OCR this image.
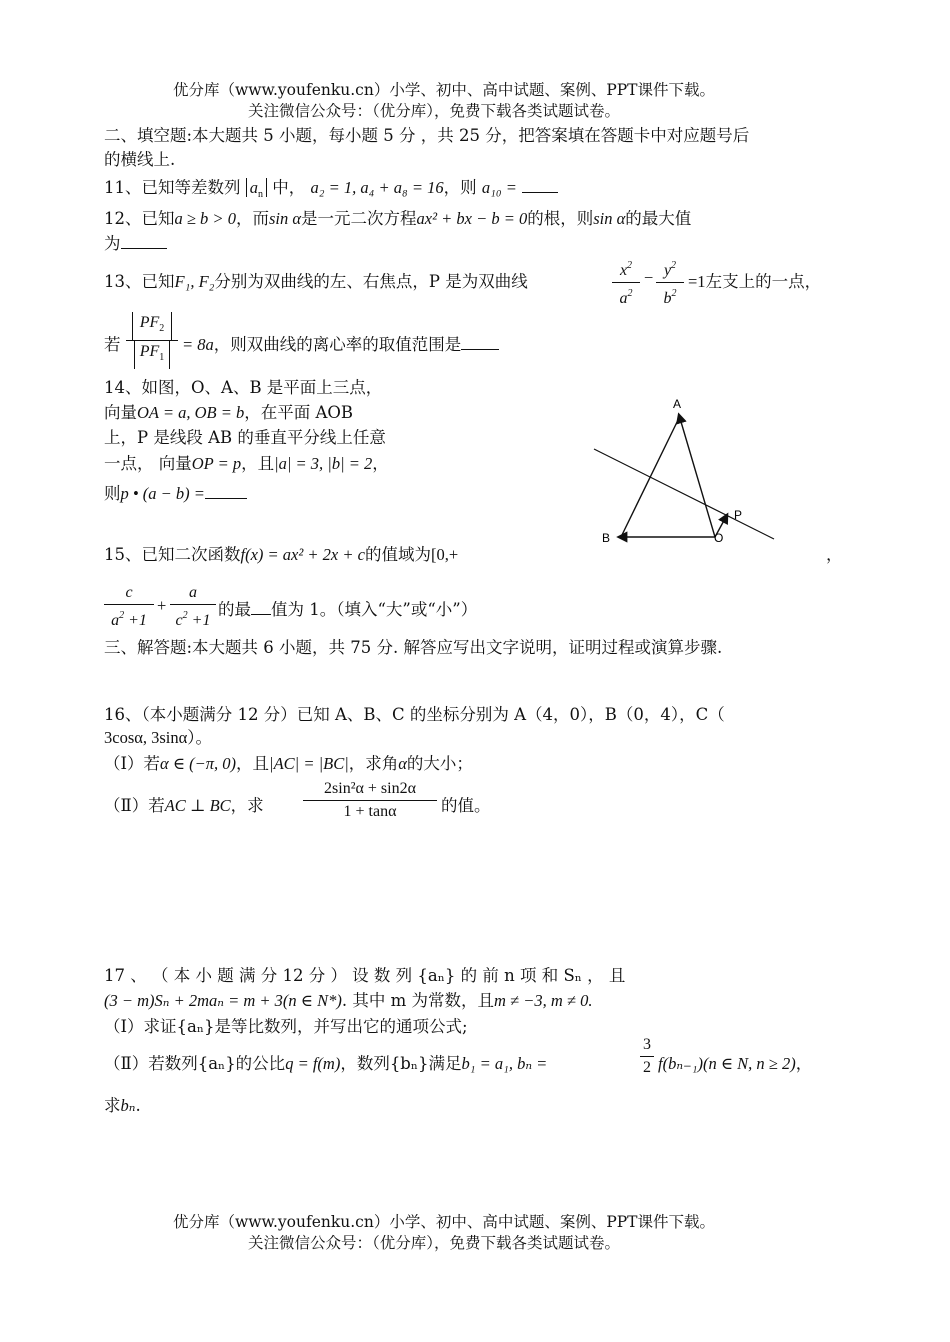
优分库（www.youfenku.cn）小学、初中、高中试题、案例、PPT课件下载。
关注微信公众号：（优分库），免费下载各类试题试卷。
二、填空题:本大题共 5 小题，每小题 5 分 ，共 25 分，把答案填在答题卡中对应题号后
的横线上.
11、已知等差数列 $a_n$ 中， a₂ = 1, a₄ + a₈ = 16，则 a₁₀ =
12、已知a ≥ b > 0，而sin α是一元二次方程ax² + bx − b = 0的根，则sin α的最大值
为
13、已知F₁, F₂分别为双曲线的左、右焦点，P 是为双曲线
$x^2$
$a^2$
− $y^2$
$b^2$
=1左支上的一点，
若
$PF_2$
$PF_1$
= 8a，则双曲线的离心率的取值范围是
14、如图，O、A、B 是平面上三点，
向量OA = a, OB = b，在平面 AOB
上，P 是线段 AB 的垂直平分线上任意
一点， 向量OP = p，且|a| = 3, |b| = 2，
则p • (a − b) =
A
B	O
P
15、已知二次函数f(x) = ax² + 2x + c的值域为[0,+	，
c
$a^2 +1$
+
a
$c^2 +1$
的最 值为 1。（填入“大”或“小”）
三、解答题:本大题共 6 小题，共 75 分. 解答应写出文字说明，证明过程或演算步骤.
16、（本小题满分 12 分）已知 A、B、C 的坐标分别为 A（4，0），B（0，4），C（
3cosα, 3sinα）。
（Ⅰ）若α ∈ (−π, 0)，且|AC| = |BC|，求角α的大小；
（Ⅱ）若AC ⊥ BC，求
2sin²α + sin2α
1 + tanα	的值。
17 、 （ 本 小 题 满 分 12 分 ） 设 数 列 {aₙ} 的 前 n 项 和 Sₙ ， 且
(3 − m)Sₙ + 2maₙ = m + 3(n ∈ N*). 其中 m 为常数，且m ≠ −3, m ≠ 0.
（Ⅰ）求证{aₙ}是等比数列，并写出它的通项公式;
（Ⅱ）若数列{aₙ}的公比q = f(m)，数列{bₙ}满足b₁ = a₁, bₙ =
3
2 f(bₙ₋₁)(n ∈ N, n ≥ 2)，
求bₙ.
优分库（www.youfenku.cn）小学、初中、高中试题、案例、PPT课件下载。
关注微信公众号：（优分库），免费下载各类试题试卷。
